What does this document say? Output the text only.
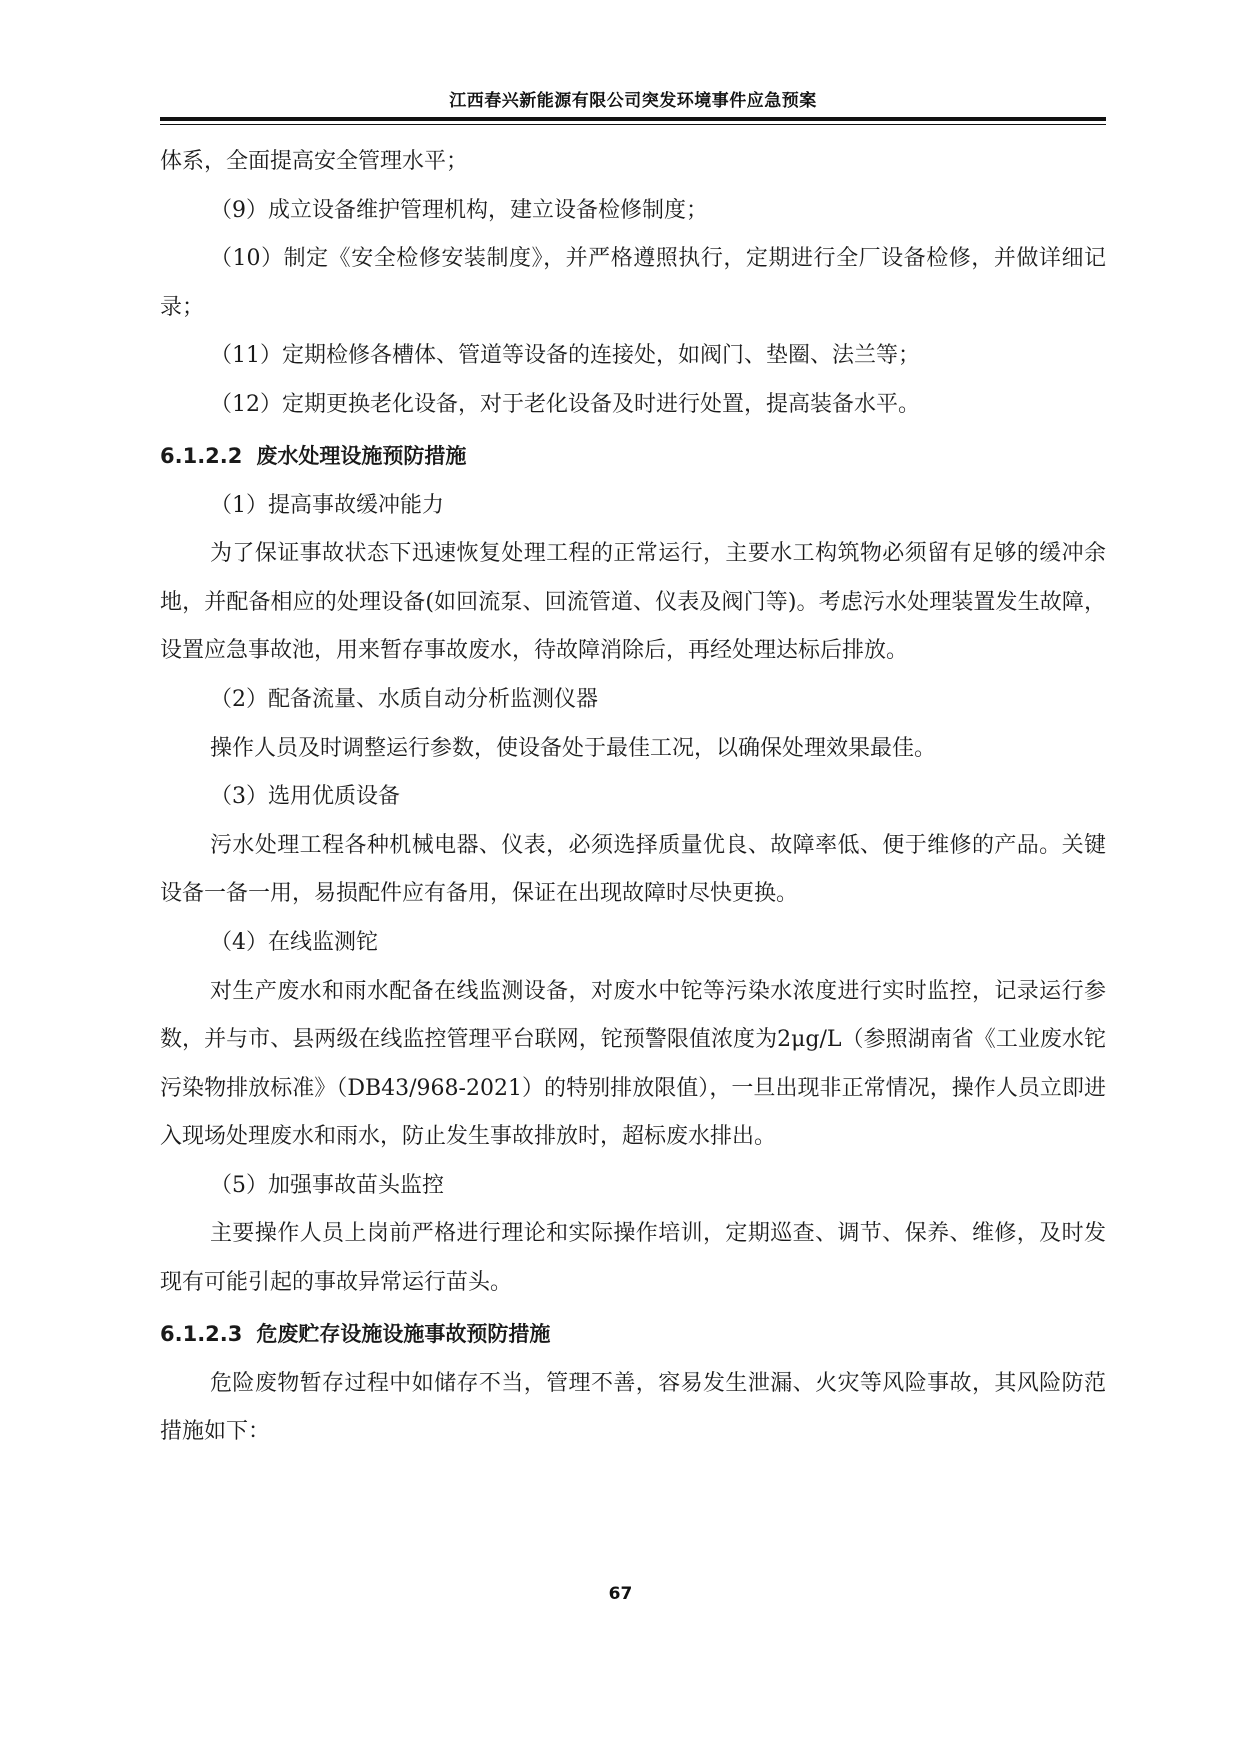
江西春兴新能源有限公司突发环境事件应急预案

体系，全面提高安全管理水平；

（9）成立设备维护管理机构，建立设备检修制度；

（10）制定《安全检修安装制度》，并严格遵照执行，定期进行全厂设备检修，并做详细记录；

（11）定期检修各槽体、管道等设备的连接处，如阀门、垫圈、法兰等；

（12）定期更换老化设备，对于老化设备及时进行处置，提高装备水平。

6.1.2.2 废水处理设施预防措施

（1）提高事故缓冲能力

为了保证事故状态下迅速恢复处理工程的正常运行，主要水工构筑物必须留有足够的缓冲余地，并配备相应的处理设备(如回流泵、回流管道、仪表及阀门等)。考虑污水处理装置发生故障，设置应急事故池，用来暂存事故废水，待故障消除后，再经处理达标后排放。

（2）配备流量、水质自动分析监测仪器

操作人员及时调整运行参数，使设备处于最佳工况，以确保处理效果最佳。

（3）选用优质设备

污水处理工程各种机械电器、仪表，必须选择质量优良、故障率低、便于维修的产品。关键设备一备一用，易损配件应有备用，保证在出现故障时尽快更换。

（4）在线监测铊

对生产废水和雨水配备在线监测设备，对废水中铊等污染水浓度进行实时监控，记录运行参数，并与市、县两级在线监控管理平台联网，铊预警限值浓度为2μg/L（参照湖南省《工业废水铊污染物排放标准》（DB43/968-2021）的特别排放限值），一旦出现非正常情况，操作人员立即进入现场处理废水和雨水，防止发生事故排放时，超标废水排出。

（5）加强事故苗头监控

主要操作人员上岗前严格进行理论和实际操作培训，定期巡查、调节、保养、维修，及时发现有可能引起的事故异常运行苗头。

6.1.2.3 危废贮存设施设施事故预防措施

危险废物暂存过程中如储存不当，管理不善，容易发生泄漏、火灾等风险事故，其风险防范措施如下：

67
